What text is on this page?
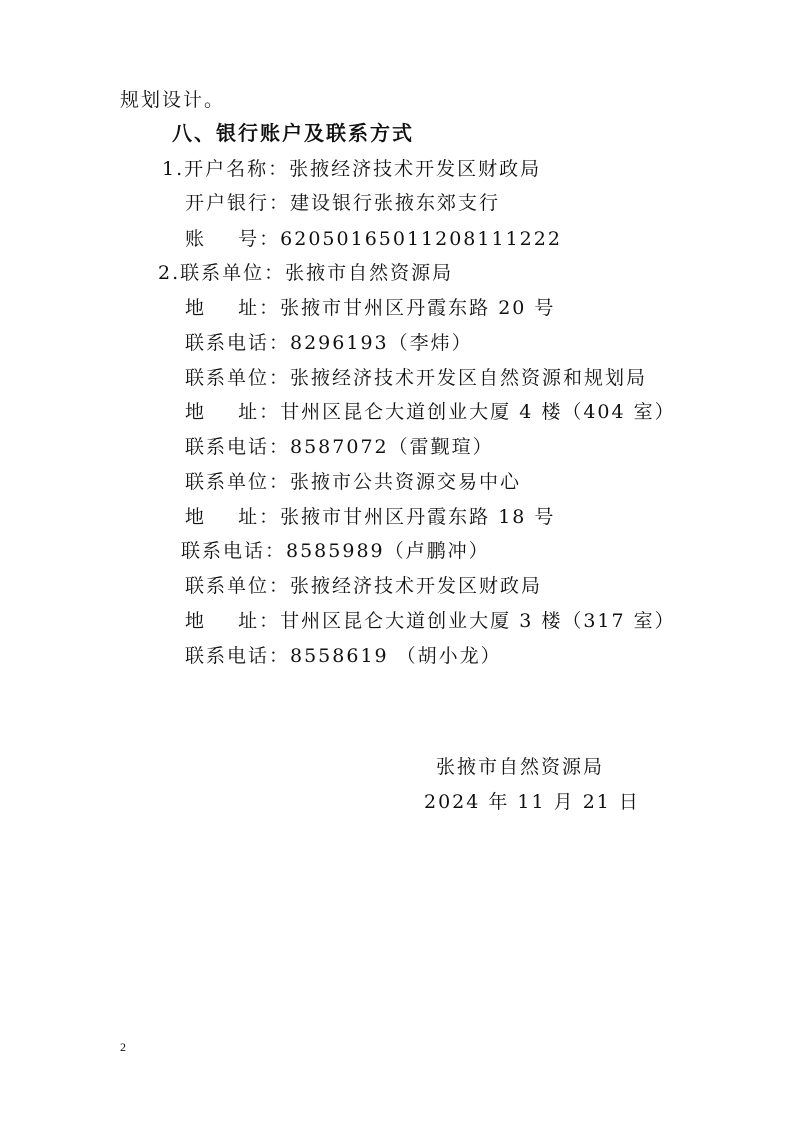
规划设计。
八、银行账户及联系方式
1.开户名称：张掖经济技术开发区财政局
开户银行：建设银行张掖东郊支行
账    号：62050165011208111222
2.联系单位：张掖市自然资源局
地    址：张掖市甘州区丹霞东路 20 号
联系电话：8296193（李炜）
联系单位：张掖经济技术开发区自然资源和规划局
地    址：甘州区昆仑大道创业大厦 4 楼（404 室）
联系电话：8587072（雷觐瑄）
联系单位：张掖市公共资源交易中心
地    址：张掖市甘州区丹霞东路 18 号
联系电话：8585989（卢鹏冲）
联系单位：张掖经济技术开发区财政局
地    址：甘州区昆仑大道创业大厦 3 楼（317 室）
联系电话：8558619 （胡小龙）
张掖市自然资源局
2024 年 11 月 21 日
2
